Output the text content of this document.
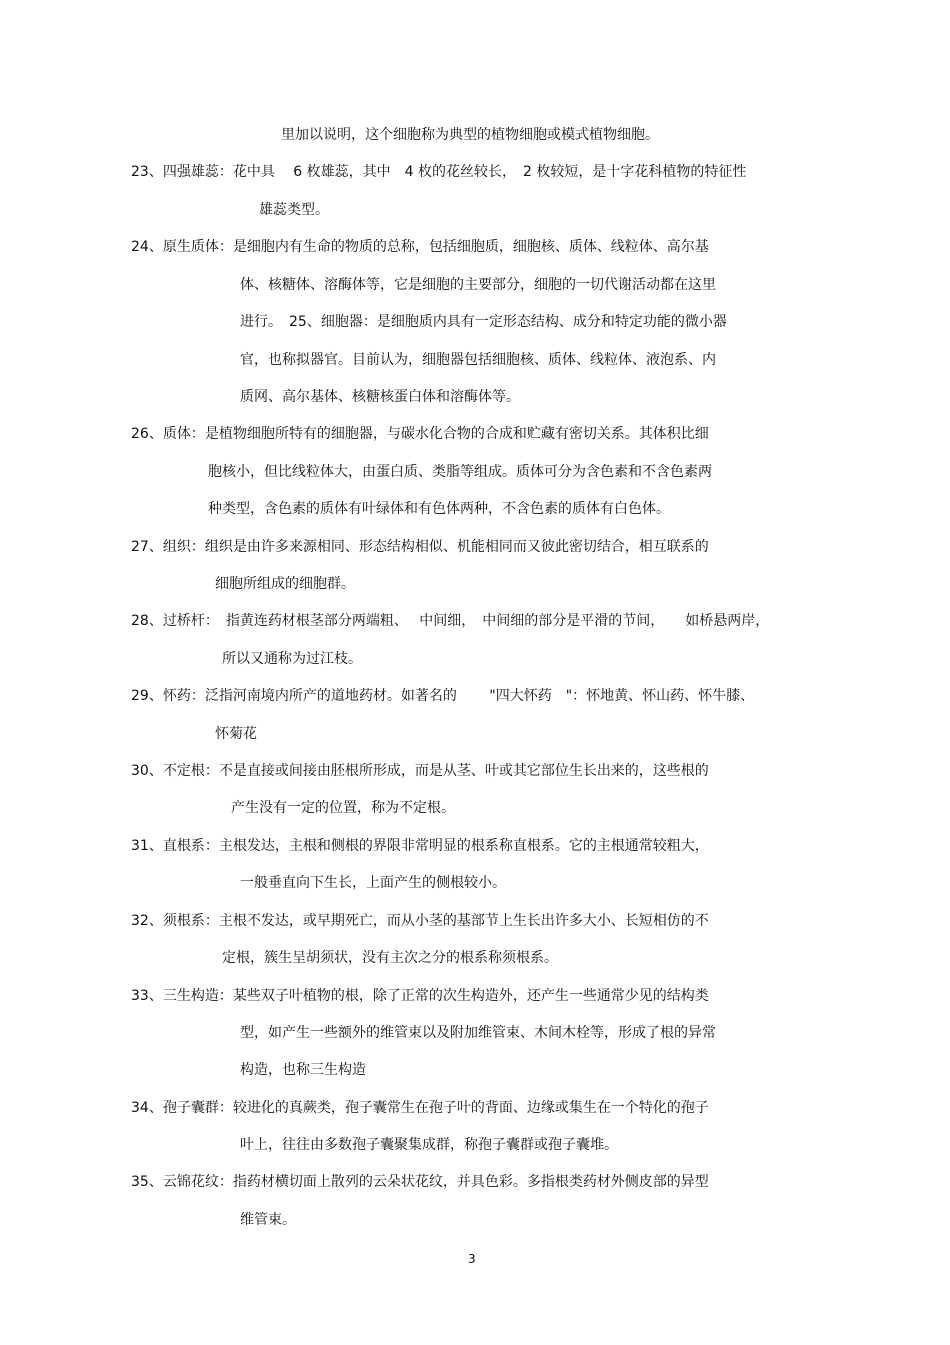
里加以说明，这个细胞称为典型的植物细胞或模式植物细胞。

23、四强雄蕊：花中具　 6 枚雄蕊，其中　4 枚的花丝较长，　2 枚较短，是十字花科植物的特征性

雄蕊类型。

24、原生质体：是细胞内有生命的物质的总称，包括细胞质，细胞核、质体、线粒体、高尔基

体、核糖体、溶酶体等，它是细胞的主要部分，细胞的一切代谢活动都在这里

进行。　25、细胞器：是细胞质内具有一定形态结构、成分和特定功能的微小器

官，也称拟器官。目前认为，细胞器包括细胞核、质体、线粒体、液泡系、内

质网、高尔基体、核糖核蛋白体和溶酶体等。

26、质体：是植物细胞所特有的细胞器，与碳水化合物的合成和贮藏有密切关系。其体积比细

胞核小，但比线粒体大，由蛋白质、类脂等组成。质体可分为含色素和不含色素两

种类型，含色素的质体有叶绿体和有色体两种，不含色素的质体有白色体。

27、组织：组织是由许多来源相同、形态结构相似、机能相同而又彼此密切结合，相互联系的

细胞所组成的细胞群。

28、过桥杆：　指黄连药材根茎部分两端粗、　 中间细，　中间细的部分是平滑的节间，　　如桥悬两岸，

所以又通称为过江枝。

29、怀药：泛指河南境内所产的道地药材。如著名的　　 "四大怀药　"：怀地黄、怀山药、怀牛膝、

怀菊花

30、不定根：不是直接或间接由胚根所形成，而是从茎、叶或其它部位生长出来的，这些根的

产生没有一定的位置，称为不定根。

31、直根系：主根发达，主根和侧根的界限非常明显的根系称直根系。它的主根通常较粗大，

一般垂直向下生长，上面产生的侧根较小。

32、须根系：主根不发达，或早期死亡，而从小茎的基部节上生长出许多大小、长短相仿的不

定根，簇生呈胡须状，没有主次之分的根系称须根系。

33、三生构造：某些双子叶植物的根，除了正常的次生构造外，还产生一些通常少见的结构类

型，如产生一些额外的维管束以及附加维管束、木间木栓等，形成了根的异常

构造，也称三生构造

34、孢子囊群：较进化的真蕨类，孢子囊常生在孢子叶的背面、边缘或集生在一个特化的孢子

叶上，往往由多数孢子囊聚集成群，称孢子囊群或孢子囊堆。

35、云锦花纹：指药材横切面上散列的云朵状花纹，并具色彩。多指根类药材外侧皮部的异型

维管束。

3
